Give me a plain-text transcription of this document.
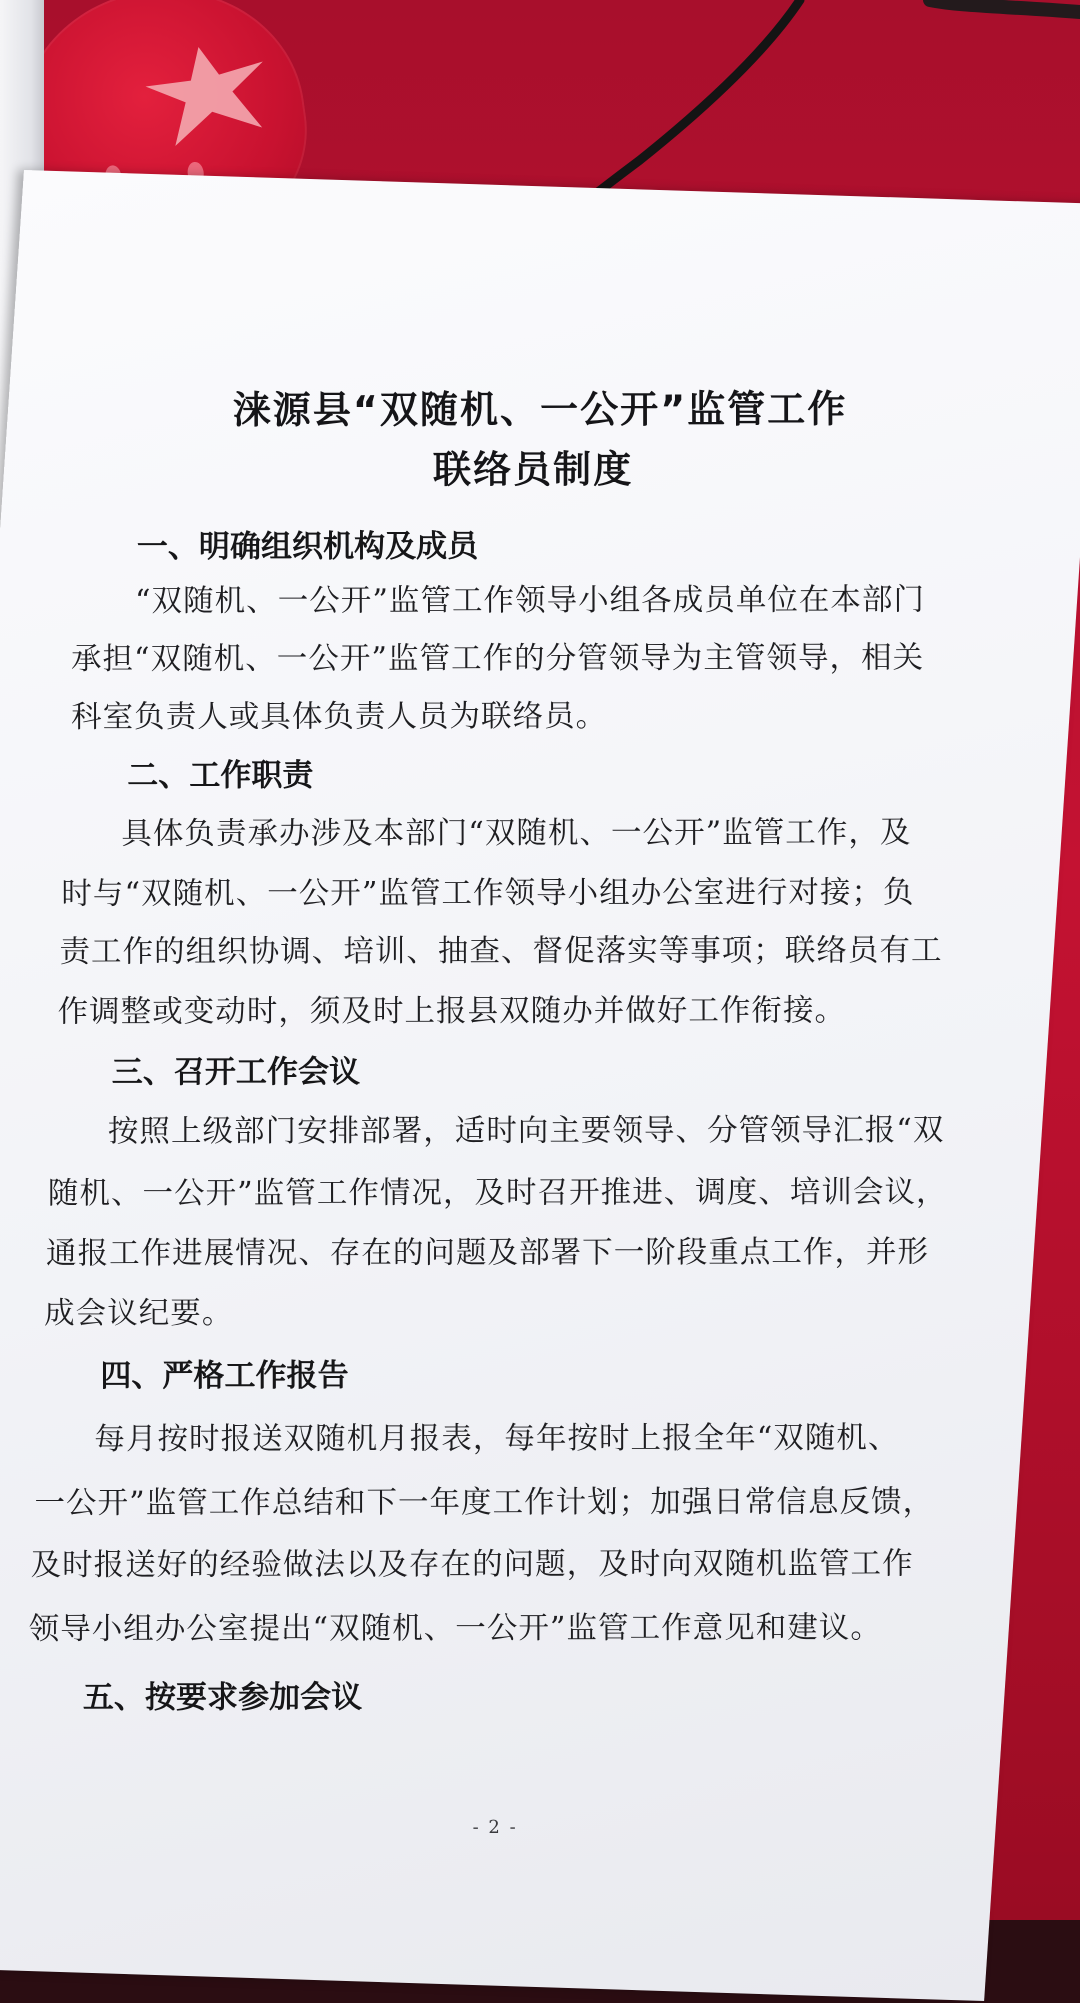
涞源县“双随机、一公开”监管工作
联络员制度
一、明确组织机构及成员
“双随机、一公开”监管工作领导小组各成员单位在本部门
承担“双随机、一公开”监管工作的分管领导为主管领导，相关
科室负责人或具体负责人员为联络员。
二、工作职责
具体负责承办涉及本部门“双随机、一公开”监管工作，及
时与“双随机、一公开”监管工作领导小组办公室进行对接；负
责工作的组织协调、培训、抽查、督促落实等事项；联络员有工
作调整或变动时，须及时上报县双随办并做好工作衔接。
三、召开工作会议
按照上级部门安排部署，适时向主要领导、分管领导汇报“双
随机、一公开”监管工作情况，及时召开推进、调度、培训会议，
通报工作进展情况、存在的问题及部署下一阶段重点工作，并形
成会议纪要。
四、严格工作报告
每月按时报送双随机月报表，每年按时上报全年“双随机、
一公开”监管工作总结和下一年度工作计划；加强日常信息反馈，
及时报送好的经验做法以及存在的问题，及时向双随机监管工作
领导小组办公室提出“双随机、一公开”监管工作意见和建议。
五、按要求参加会议
- 2 -
